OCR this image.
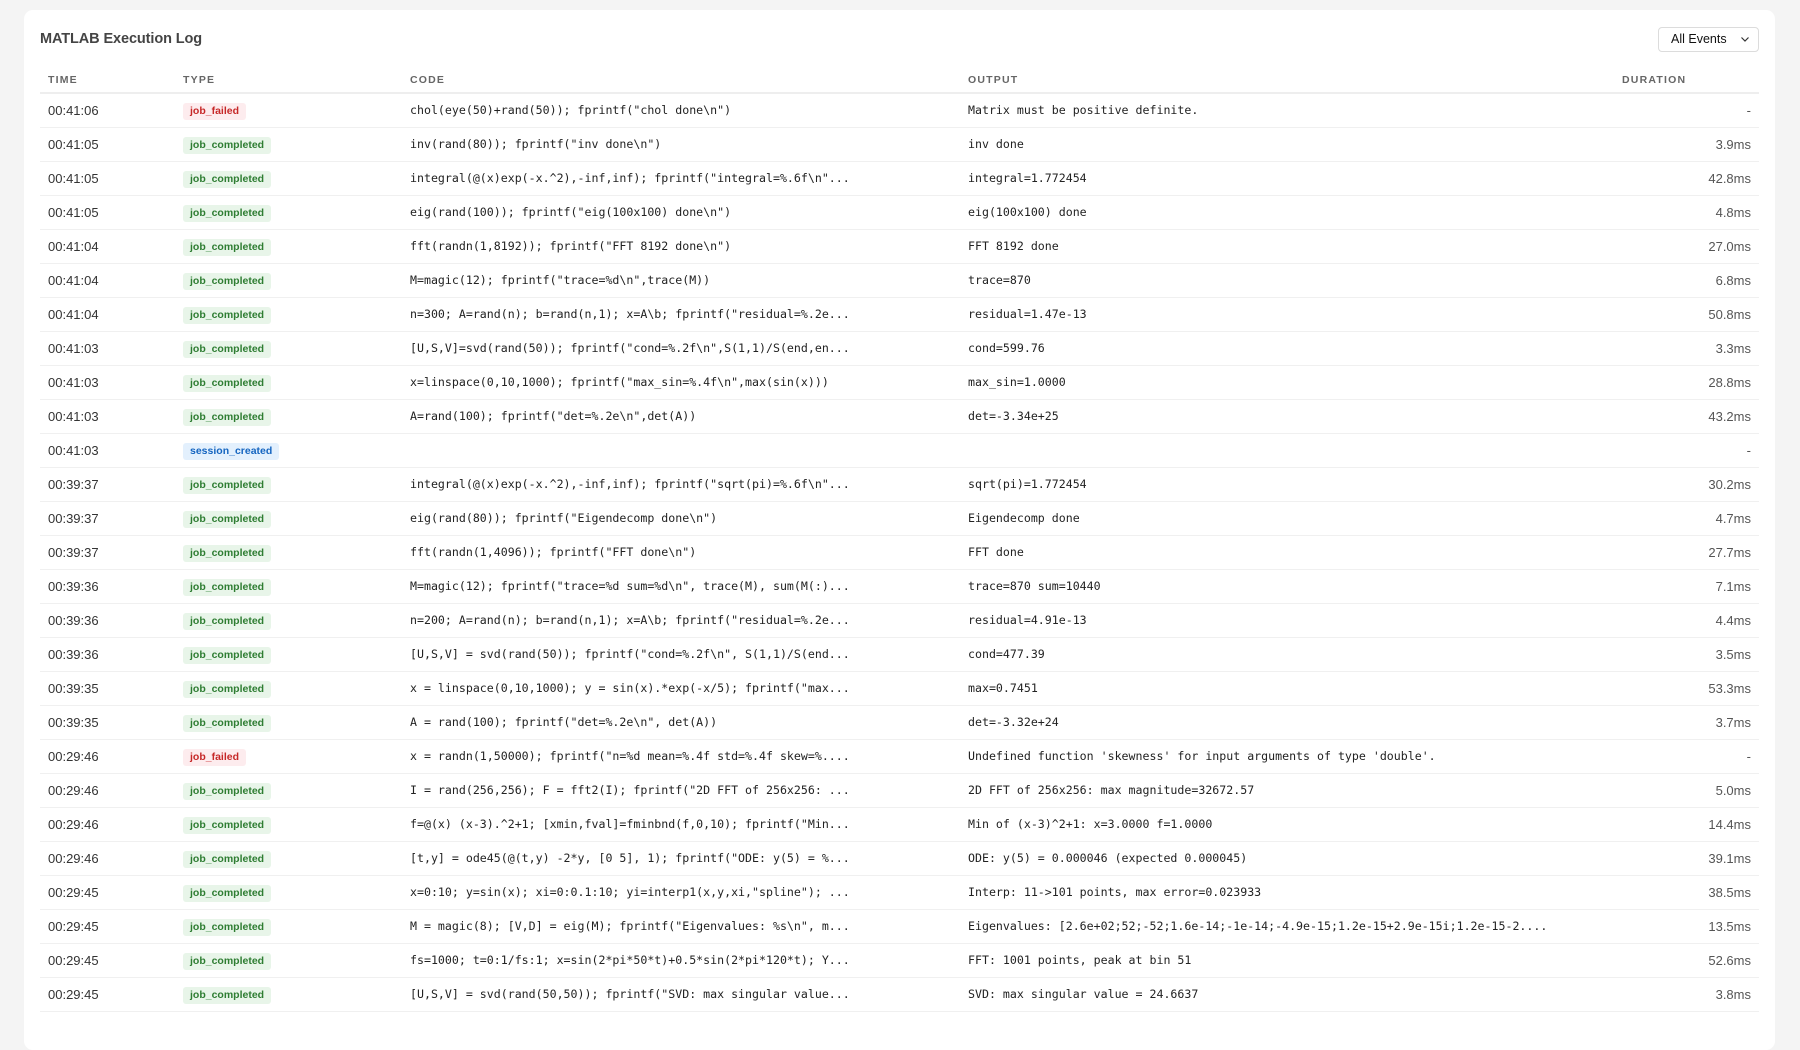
MATLAB Execution Log	All Events
TIME	TYPE	CODE	OUTPUT	DURATION
00:41:06	job_failed	chol(eye(50)+rand(50)); fprintf("chol done\n")	Matrix must be positive definite.	-
00:41:05	job_completed	inv(rand(80)); fprintf("inv done\n")	inv done	3.9ms
00:41:05	job_completed	integral(@(x)exp(-x.^2),-inf,inf); fprintf("integral=%.6f\n"...	integral=1.772454	42.8ms
00:41:05	job_completed	eig(rand(100)); fprintf("eig(100x100) done\n")	eig(100x100) done	4.8ms
00:41:04	job_completed	fft(randn(1,8192)); fprintf("FFT 8192 done\n")	FFT 8192 done	27.0ms
00:41:04	job_completed	M=magic(12); fprintf("trace=%d\n",trace(M))	trace=870	6.8ms
00:41:04	job_completed	n=300; A=rand(n); b=rand(n,1); x=A\b; fprintf("residual=%.2e...	residual=1.47e-13	50.8ms
00:41:03	job_completed	[U,S,V]=svd(rand(50)); fprintf("cond=%.2f\n",S(1,1)/S(end,en...	cond=599.76	3.3ms
00:41:03	job_completed	x=linspace(0,10,1000); fprintf("max_sin=%.4f\n",max(sin(x)))	max_sin=1.0000	28.8ms
00:41:03	job_completed	A=rand(100); fprintf("det=%.2e\n",det(A))	det=-3.34e+25	43.2ms
00:41:03	session_created			-
00:39:37	job_completed	integral(@(x)exp(-x.^2),-inf,inf); fprintf("sqrt(pi)=%.6f\n"...	sqrt(pi)=1.772454	30.2ms
00:39:37	job_completed	eig(rand(80)); fprintf("Eigendecomp done\n")	Eigendecomp done	4.7ms
00:39:37	job_completed	fft(randn(1,4096)); fprintf("FFT done\n")	FFT done	27.7ms
00:39:36	job_completed	M=magic(12); fprintf("trace=%d sum=%d\n", trace(M), sum(M(:)...	trace=870 sum=10440	7.1ms
00:39:36	job_completed	n=200; A=rand(n); b=rand(n,1); x=A\b; fprintf("residual=%.2e...	residual=4.91e-13	4.4ms
00:39:36	job_completed	[U,S,V] = svd(rand(50)); fprintf("cond=%.2f\n", S(1,1)/S(end...	cond=477.39	3.5ms
00:39:35	job_completed	x = linspace(0,10,1000); y = sin(x).*exp(-x/5); fprintf("max...	max=0.7451	53.3ms
00:39:35	job_completed	A = rand(100); fprintf("det=%.2e\n", det(A))	det=-3.32e+24	3.7ms
00:29:46	job_failed	x = randn(1,50000); fprintf("n=%d mean=%.4f std=%.4f skew=%....	Undefined function 'skewness' for input arguments of type 'double'.	-
00:29:46	job_completed	I = rand(256,256); F = fft2(I); fprintf("2D FFT of 256x256: ...	2D FFT of 256x256: max magnitude=32672.57	5.0ms
00:29:46	job_completed	f=@(x) (x-3).^2+1; [xmin,fval]=fminbnd(f,0,10); fprintf("Min...	Min of (x-3)^2+1: x=3.0000 f=1.0000	14.4ms
00:29:46	job_completed	[t,y] = ode45(@(t,y) -2*y, [0 5], 1); fprintf("ODE: y(5) = %...	ODE: y(5) = 0.000046 (expected 0.000045)	39.1ms
00:29:45	job_completed	x=0:10; y=sin(x); xi=0:0.1:10; yi=interp1(x,y,xi,"spline"); ...	Interp: 11->101 points, max error=0.023933	38.5ms
00:29:45	job_completed	M = magic(8); [V,D] = eig(M); fprintf("Eigenvalues: %s\n", m...	Eigenvalues: [2.6e+02;52;-52;1.6e-14;-1e-14;-4.9e-15;1.2e-15+2.9e-15i;1.2e-15-2....	13.5ms
00:29:45	job_completed	fs=1000; t=0:1/fs:1; x=sin(2*pi*50*t)+0.5*sin(2*pi*120*t); Y...	FFT: 1001 points, peak at bin 51	52.6ms
00:29:45	job_completed	[U,S,V] = svd(rand(50,50)); fprintf("SVD: max singular value...	SVD: max singular value = 24.6637	3.8ms
